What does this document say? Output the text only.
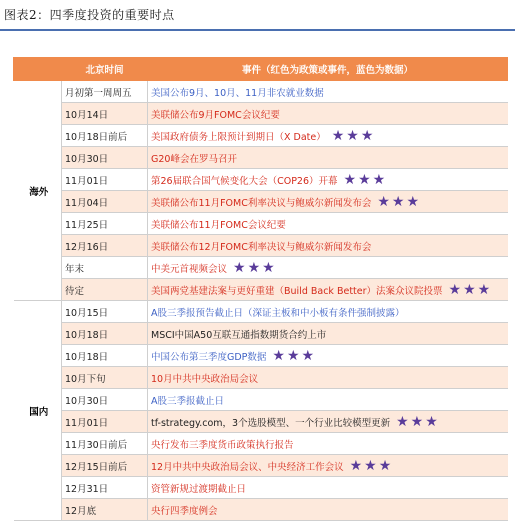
图表2：四季度投资的重要时点
	北京时间	事件（红色为政策或事件，蓝色为数据）
海外	月初第一周周五	美国公布9月、10月、11月非农就业数据
	10月14日	美联储公布9月FOMC会议纪要
	10月18日前后	美国政府债务上限预计到期日（X Date） ★★★
	10月30日	G20峰会在罗马召开
	11月01日	第26届联合国气候变化大会（COP26）开幕 ★★★
	11月04日	美联储公布11月FOMC利率决议与鲍威尔新闻发布会 ★★★
	11月25日	美联储公布11月FOMC会议纪要
	12月16日	美联储公布12月FOMC利率决议与鲍威尔新闻发布会
	年末	中美元首视频会议 ★★★
	待定	美国两党基建法案与更好重建（Build Back Better）法案众议院投票 ★★★
国内	10月15日	A股三季报预告截止日（深证主板和中小板有条件强制披露）
	10月18日	MSCI中国A50互联互通指数期货合约上市
	10月18日	中国公布第三季度GDP数据 ★★★
	10月下旬	10月中共中央政治局会议
	10月30日	A股三季报截止日
	11月01日	tf-strategy.com，3个选股模型、一个行业比较模型更新 ★★★
	11月30日前后	央行发布三季度货币政策执行报告
	12月15日前后	12月中共中央政治局会议、中央经济工作会议 ★★★
	12月31日	资管新规过渡期截止日
	12月底	央行四季度例会
